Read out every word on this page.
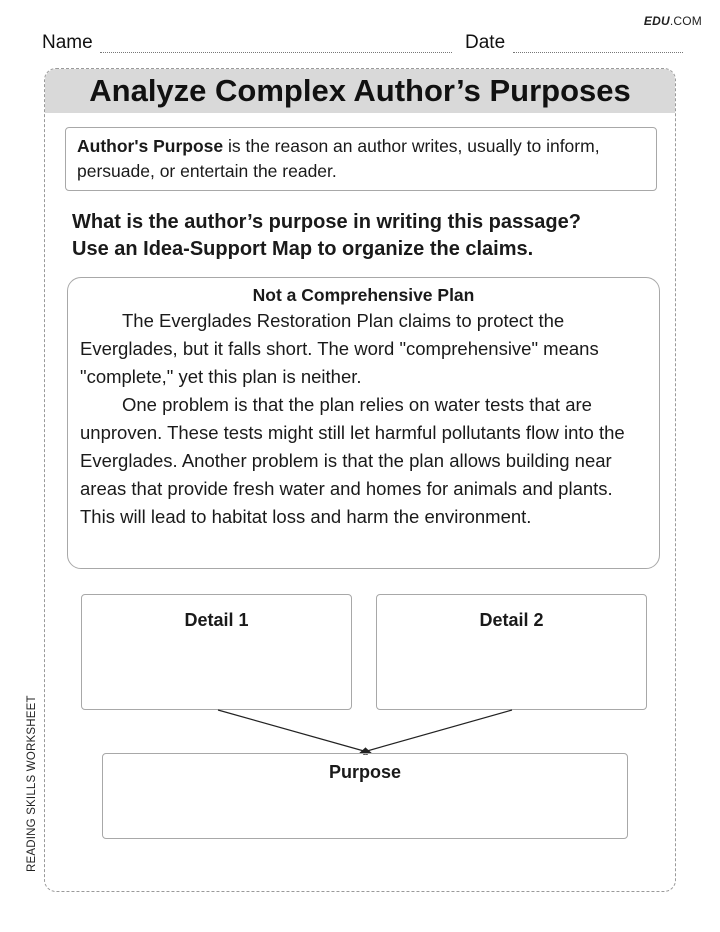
EDU.COM
Name	Date
READING SKILLS WORKSHEET
Analyze Complex Author’s Purposes
Author's Purpose is the reason an author writes, usually to inform, persuade, or entertain the reader.
What is the author’s purpose in writing this passage?
Use an Idea-Support Map to organize the claims.
Not a Comprehensive Plan

The Everglades Restoration Plan claims to protect the Everglades, but it falls short. The word "comprehensive" means "complete," yet this plan is neither.

One problem is that the plan relies on water tests that are unproven. These tests might still let harmful pollutants flow into the Everglades. Another problem is that the plan allows building near areas that provide fresh water and homes for animals and plants. This will lead to habitat loss and harm the environment.

Detail 1	Detail 2
Purpose
